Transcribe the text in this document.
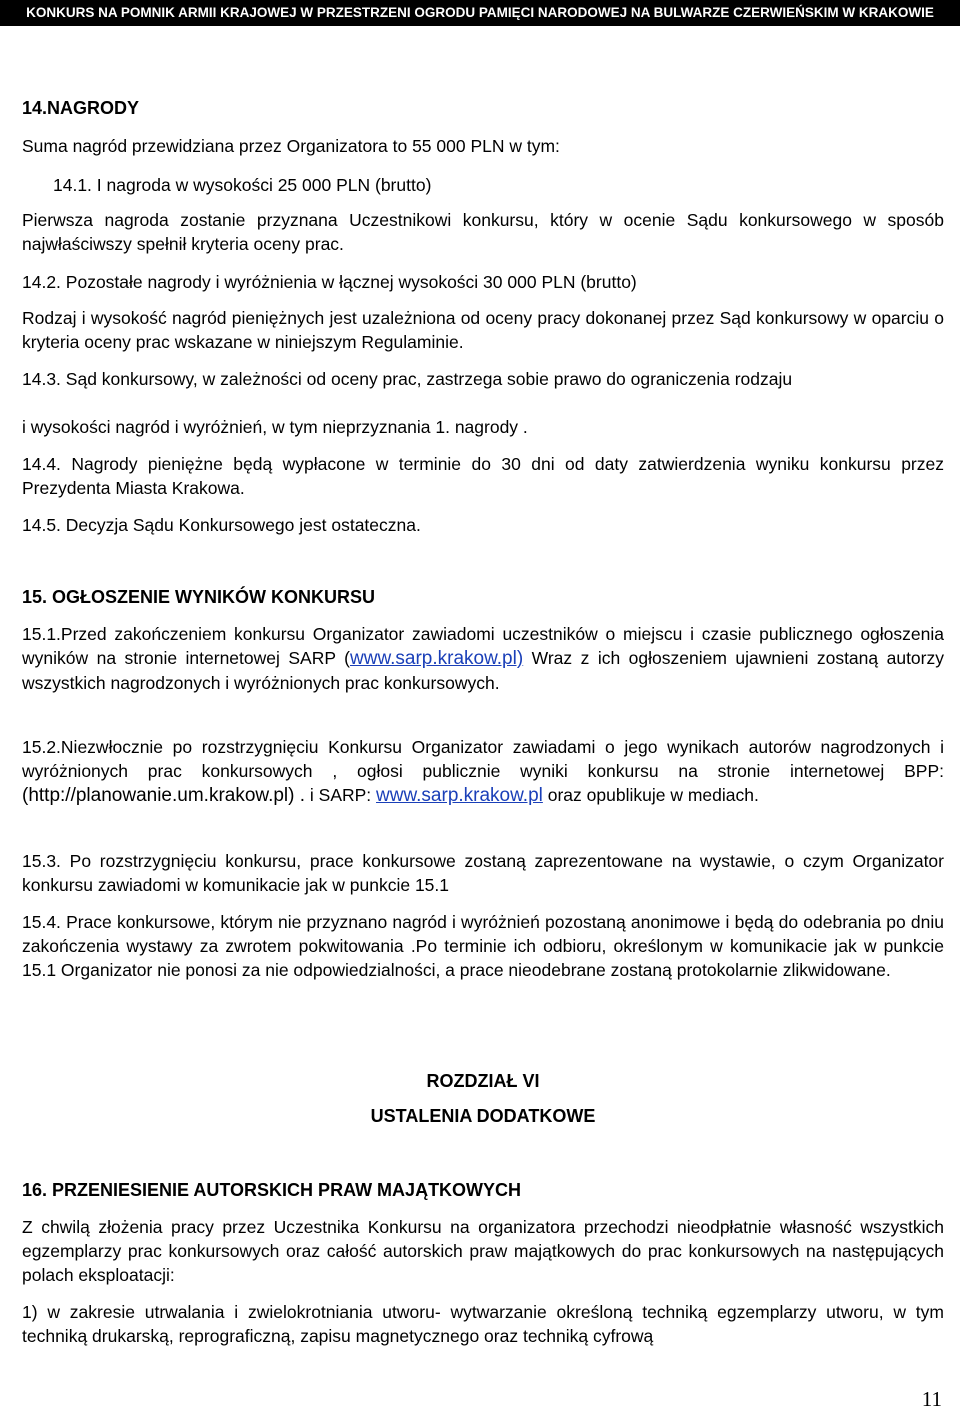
KONKURS NA POMNIK ARMII KRAJOWEJ W PRZESTRZENI OGRODU PAMIĘCI NARODOWEJ NA BULWARZE CZERWIEŃSKIM W KRAKOWIE

14.NAGRODY

Suma nagród przewidziana przez Organizatora to 55 000 PLN w tym:

14.1. I nagroda w wysokości 25 000 PLN (brutto)

Pierwsza nagroda zostanie przyznana Uczestnikowi konkursu, który w ocenie Sądu konkursowego w sposób najwłaściwszy spełnił kryteria oceny prac.

14.2. Pozostałe nagrody i wyróżnienia w łącznej wysokości 30 000 PLN (brutto)

Rodzaj i wysokość nagród pieniężnych jest uzależniona od oceny pracy dokonanej przez Sąd konkursowy w oparciu o kryteria oceny prac wskazane w niniejszym Regulaminie.

14.3. Sąd konkursowy, w zależności od oceny prac, zastrzega sobie prawo do ograniczenia rodzaju

i wysokości nagród i wyróżnień, w tym nieprzyznania 1. nagrody .

14.4. Nagrody pieniężne będą wypłacone w terminie do 30 dni od daty zatwierdzenia wyniku konkursu przez Prezydenta Miasta Krakowa.

14.5. Decyzja Sądu Konkursowego jest ostateczna.

15. OGŁOSZENIE WYNIKÓW KONKURSU

15.1.Przed zakończeniem konkursu Organizator zawiadomi uczestników o miejscu i czasie publicznego ogłoszenia wyników na stronie internetowej SARP (www.sarp.krakow.pl) Wraz z ich ogłoszeniem ujawnieni zostaną autorzy wszystkich nagrodzonych i wyróżnionych prac konkursowych.

15.2.Niezwłocznie po rozstrzygnięciu Konkursu Organizator zawiadami o jego wynikach autorów nagrodzonych i wyróżnionych prac konkursowych , ogłosi publicznie wyniki konkursu na stronie internetowej BPP: (http://planowanie.um.krakow.pl) . i SARP: www.sarp.krakow.pl oraz opublikuje w mediach.

15.3. Po rozstrzygnięciu konkursu, prace konkursowe zostaną zaprezentowane na wystawie, o czym Organizator konkursu zawiadomi w komunikacie jak w punkcie 15.1

15.4. Prace konkursowe, którym nie przyznano nagród i wyróżnień pozostaną anonimowe i będą do odebrania po dniu zakończenia wystawy za zwrotem pokwitowania .Po terminie ich odbioru, określonym w komunikacie jak w punkcie 15.1 Organizator nie ponosi za nie odpowiedzialności, a prace nieodebrane zostaną protokolarnie zlikwidowane.

ROZDZIAŁ VI

USTALENIA DODATKOWE

16. PRZENIESIENIE AUTORSKICH PRAW MAJĄTKOWYCH

Z chwilą złożenia pracy przez Uczestnika Konkursu na organizatora przechodzi nieodpłatnie własność wszystkich egzemplarzy prac konkursowych oraz całość autorskich praw majątkowych do prac konkursowych na następujących polach eksploatacji:

1) w zakresie utrwalania i zwielokrotniania utworu- wytwarzanie określoną techniką egzemplarzy utworu, w tym techniką drukarską, reprograficzną, zapisu magnetycznego oraz techniką cyfrową

11
